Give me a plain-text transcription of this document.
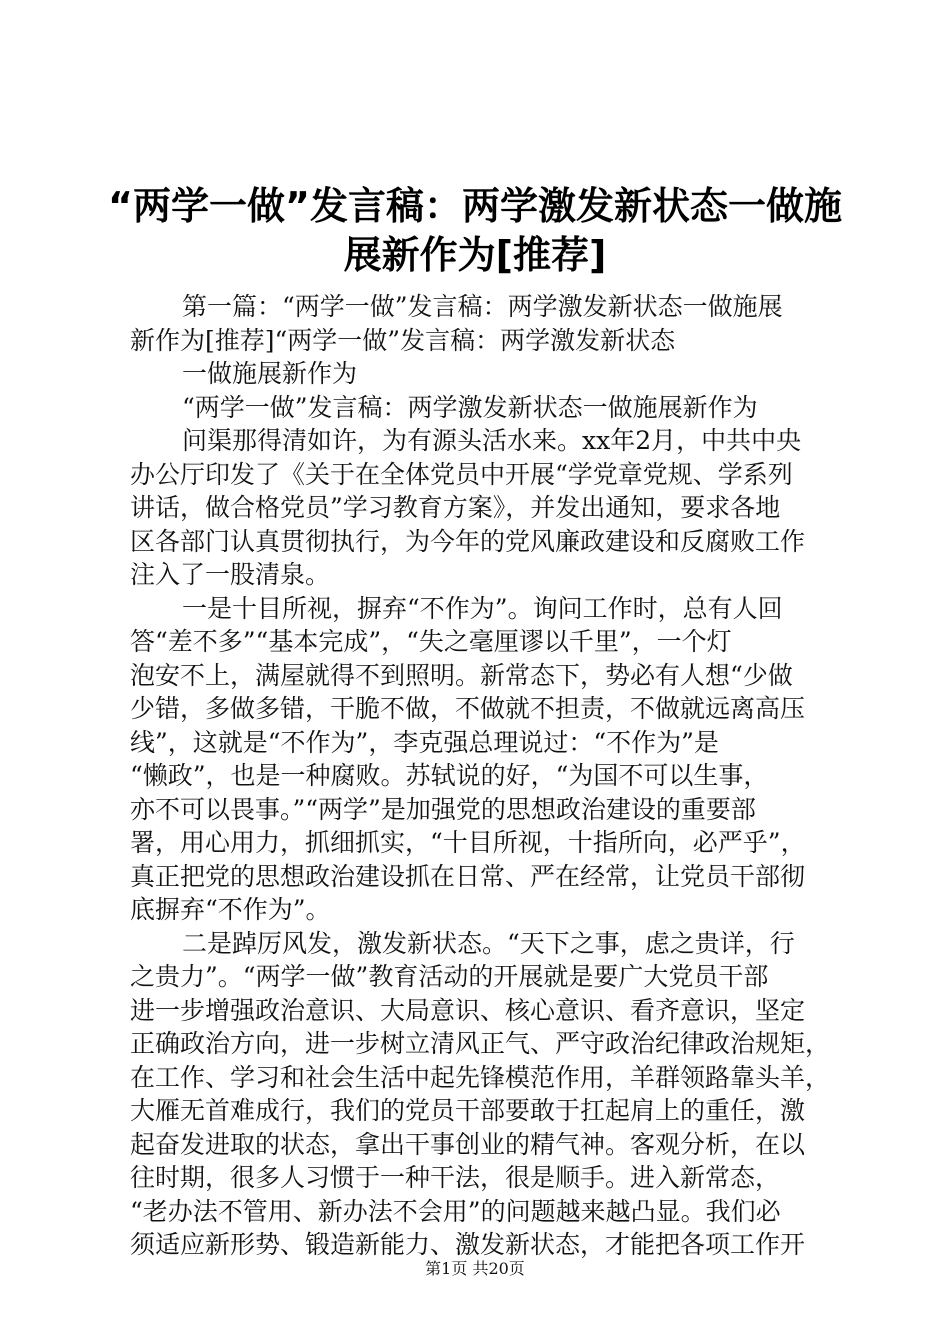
“两学一做”发言稿：两学激发新状态一做施
展新作为[推荐]
第一篇：“两学一做”发言稿：两学激发新状态一做施展
新作为[推荐]“两学一做”发言稿：两学激发新状态
一做施展新作为
“两学一做”发言稿：两学激发新状态一做施展新作为
问渠那得清如许，为有源头活水来。xx年2月，中共中央
办公厅印发了《关于在全体党员中开展“学党章党规、学系列
讲话，做合格党员”学习教育方案》，并发出通知，要求各地
区各部门认真贯彻执行，为今年的党风廉政建设和反腐败工作
注入了一股清泉。
一是十目所视，摒弃“不作为”。询问工作时，总有人回
答“差不多”“基本完成”，“失之毫厘谬以千里”，一个灯
泡安不上，满屋就得不到照明。新常态下，势必有人想“少做
少错，多做多错，干脆不做，不做就不担责，不做就远离高压
线”，这就是“不作为”，李克强总理说过：“不作为”是
“懒政”，也是一种腐败。苏轼说的好，“为国不可以生事，
亦不可以畏事。”“两学”是加强党的思想政治建设的重要部
署，用心用力，抓细抓实，“十目所视，十指所向，必严乎”，
真正把党的思想政治建设抓在日常、严在经常，让党员干部彻
底摒弃“不作为”。
二是踔厉风发，激发新状态。“天下之事，虑之贵详，行
之贵力”。“两学一做”教育活动的开展就是要广大党员干部
进一步增强政治意识、大局意识、核心意识、看齐意识，坚定
正确政治方向，进一步树立清风正气、严守政治纪律政治规矩，
在工作、学习和社会生活中起先锋模范作用，羊群领路靠头羊，
大雁无首难成行，我们的党员干部要敢于扛起肩上的重任，激
起奋发进取的状态，拿出干事创业的精气神。客观分析，在以
往时期，很多人习惯于一种干法，很是顺手。进入新常态，
“老办法不管用、新办法不会用”的问题越来越凸显。我们必
须适应新形势、锻造新能力、激发新状态，才能把各项工作开
第1页 共20页
